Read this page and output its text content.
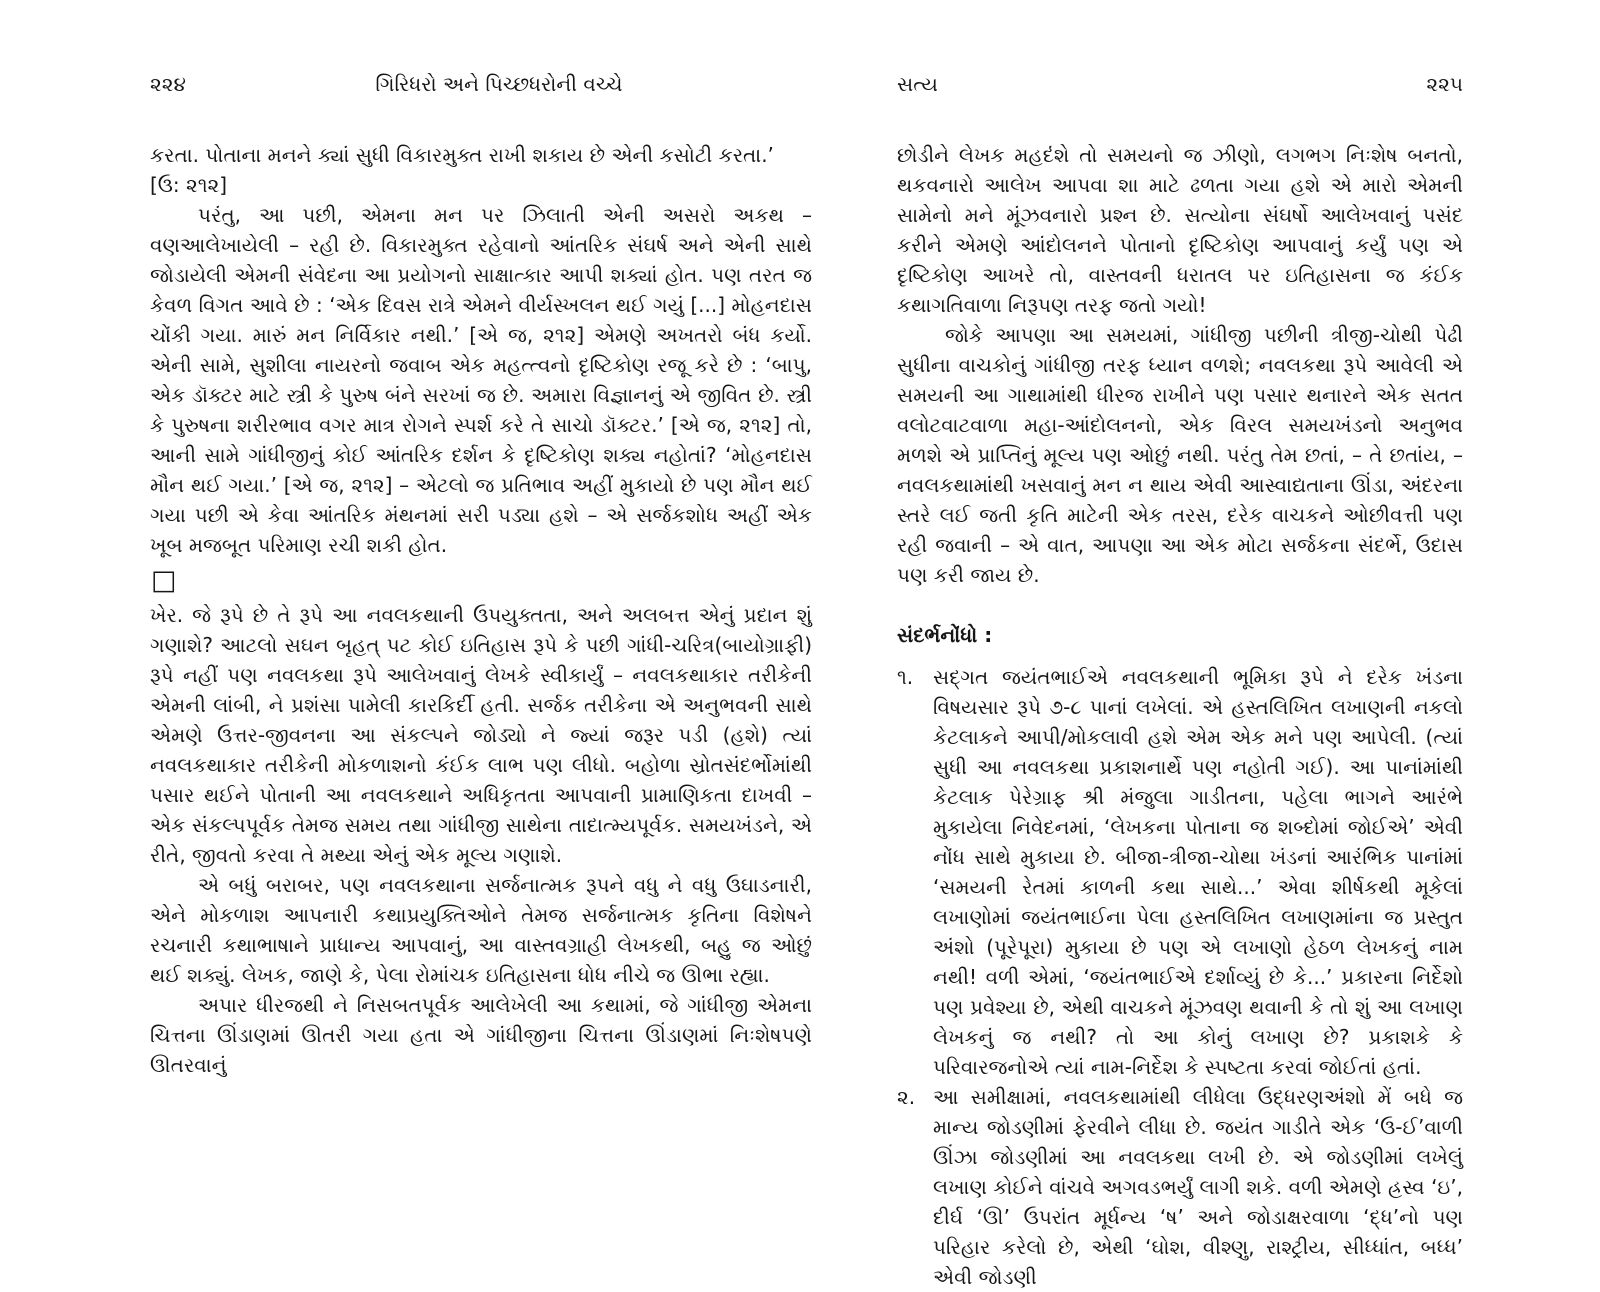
૨૨૪	ગિરિધરો અને પિચ્છધરોની વચ્ચે

કરતા. પોતાના મનને ક્યાં સુધી વિકારમુક્ત રાખી શકાય છે એની કસોટી કરતા.’

[ઉ: ૨૧૨]

પરંતુ, આ પછી, એમના મન પર ઝિલાતી એની અસરો અકથ – વણઆલેખાયેલી – રહી છે. વિકારમુક્ત રહેવાનો આંતરિક સંઘર્ષ અને એની સાથે જોડાયેલી એમની સંવેદના આ પ્રયોગનો સાક્ષાત્કાર આપી શક્યાં હોત. પણ તરત જ કેવળ વિગત આવે છે : ‘એક દિવસ રાત્રે એમને વીર્યસ્ખલન થઈ ગયું [...] મોહનદાસ ચોંકી ગયા. મારું મન નિર્વિકાર નથી.’ [એ જ, ૨૧૨] એમણે અખતરો બંધ કર્યો. એની સામે, સુશીલા નાયરનો જવાબ એક મહત્ત્વનો દૃષ્ટિકોણ રજૂ કરે છે : ‘બાપુ, એક ડૉક્ટર માટે સ્ત્રી કે પુરુષ બંને સરખાં જ છે. અમારા વિજ્ઞાનનું એ જીવિત છે. સ્ત્રી કે પુરુષના શરીરભાવ વગર માત્ર રોગને સ્પર્શ કરે તે સાચો ડૉક્ટર.’ [એ જ, ૨૧૨] તો, આની સામે ગાંધીજીનું કોઈ આંતરિક દર્શન કે દૃષ્ટિકોણ શક્ય નહોતાં? ‘મોહનદાસ મૌન થઈ ગયા.’ [એ જ, ૨૧૨] – એટલો જ પ્રતિભાવ અહીં મુકાયો છે પણ મૌન થઈ ગયા પછી એ કેવા આંતરિક મંથનમાં સરી પડ્યા હશે – એ સર્જકશોધ અહીં એક ખૂબ મજબૂત પરિમાણ રચી શકી હોત.

□

ખેર. જે રૂપે છે તે રૂપે આ નવલકથાની ઉપયુક્તતા, અને અલબત્ત એનું પ્રદાન શું ગણાશે? આટલો સઘન બૃહત્ પટ કોઈ ઇતિહાસ રૂપે કે પછી ગાંધી-ચરિત્ર(બાયોગ્રાફી) રૂપે નહીં પણ નવલકથા રૂપે આલેખવાનું લેખકે સ્વીકાર્યું – નવલકથાકાર તરીકેની એમની લાંબી, ને પ્રશંસા પામેલી કારકિર્દી હતી. સર્જક તરીકેના એ અનુભવની સાથે એમણે ઉત્તર-જીવનના આ સંકલ્પને જોડ્યો ને જ્યાં જરૂર પડી (હશે) ત્યાં નવલકથાકાર તરીકેની મોકળાશનો કંઈક લાભ પણ લીધો. બહોળા સ્રોતસંદર્ભોમાંથી પસાર થઈને પોતાની આ નવલકથાને અધિકૃતતા આપવાની પ્રામાણિકતા દાખવી – એક સંકલ્પપૂર્વક તેમજ સમય તથા ગાંધીજી સાથેના તાદાત્મ્યપૂર્વક. સમયખંડને, એ રીતે, જીવતો કરવા તે મથ્યા એનું એક મૂલ્ય ગણાશે.

એ બધું બરાબર, પણ નવલકથાના સર્જનાત્મક રૂપને વધુ ને વધુ ઉઘાડનારી, એને મોકળાશ આપનારી કથાપ્રયુક્તિઓને તેમજ સર્જનાત્મક કૃતિના વિશેષને રચનારી કથાભાષાને પ્રાધાન્ય આપવાનું, આ વાસ્તવગ્રાહી લેખકથી, બહુ જ ઓછું થઈ શક્યું. લેખક, જાણે કે, પેલા રોમાંચક ઇતિહાસના ધોધ નીચે જ ઊભા રહ્યા.

અપાર ધીરજથી ને નિસબતપૂર્વક આલેખેલી આ કથામાં, જે ગાંધીજી એમના ચિત્તના ઊંડાણમાં ઊતરી ગયા હતા એ ગાંધીજીના ચિત્તના ઊંડાણમાં નિઃશેષપણે ઊતરવાનું

સત્ય	૨૨૫

છોડીને લેખક મહદંશે તો સમયનો જ ઝીણો, લગભગ નિઃશેષ બનતો, થકવનારો આલેખ આપવા શા માટે ઢળતા ગયા હશે એ મારો એમની સામેનો મને મૂંઝવનારો પ્રશ્ન છે. સત્યોના સંઘર્ષો આલેખવાનું પસંદ કરીને એમણે આંદોલનને પોતાનો દૃષ્ટિકોણ આપવાનું કર્યું પણ એ દૃષ્ટિકોણ આખરે તો, વાસ્તવની ધરાતલ પર ઇતિહાસના જ કંઈક કથાગતિવાળા નિરૂપણ તરફ જતો ગયો!

જોકે આપણા આ સમયમાં, ગાંધીજી પછીની ત્રીજી-ચોથી પેઢી સુધીના વાચકોનું ગાંધીજી તરફ ધ્યાન વળશે; નવલકથા રૂપે આવેલી એ સમયની આ ગાથામાંથી ધીરજ રાખીને પણ પસાર થનારને એક સતત વલોટવાટવાળા મહા-આંદોલનનો, એક વિરલ સમયખંડનો અનુભવ મળશે એ પ્રાપ્તિનું મૂલ્ય પણ ઓછું નથી. પરંતુ તેમ છતાં, – તે છતાંય, – નવલકથામાંથી ખસવાનું મન ન થાય એવી આસ્વાદ્યતાના ઊંડા, અંદરના સ્તરે લઈ જતી કૃતિ માટેની એક તરસ, દરેક વાચકને ઓછીવત્તી પણ રહી જવાની – એ વાત, આપણા આ એક મોટા સર્જકના સંદર્ભે, ઉદાસ પણ કરી જાય છે.

સંદર્ભનોંધો :

૧. સદ્ગત જયંતભાઈએ નવલકથાની ભૂમિકા રૂપે ને દરેક ખંડના વિષયસાર રૂપે ૭-૮ પાનાં લખેલાં. એ હસ્તલિખિત લખાણની નકલો કેટલાકને આપી/મોકલાવી હશે એમ એક મને પણ આપેલી. (ત્યાં સુધી આ નવલકથા પ્રકાશનાર્થે પણ નહોતી ગઈ). આ પાનાંમાંથી કેટલાક પેરેગ્રાફ શ્રી મંજુલા ગાડીતના, પહેલા ભાગને આરંભે મુકાયેલા નિવેદનમાં, ‘લેખકના પોતાના જ શબ્દોમાં જોઈએ’ એવી નોંધ સાથે મુકાયા છે. બીજા-ત્રીજા-ચોથા ખંડનાં આરંભિક પાનાંમાં ‘સમયની રેતમાં કાળની કથા સાથે...’ એવા શીર્ષકથી મૂકેલાં લખાણોમાં જયંતભાઈના પેલા હસ્તલિખિત લખાણમાંના જ પ્રસ્તુત અંશો (પૂરેપૂરા) મુકાયા છે પણ એ લખાણો હેઠળ લેખકનું નામ નથી! વળી એમાં, ‘જયંતભાઈએ દર્શાવ્યું છે કે...’ પ્રકારના નિર્દેશો પણ પ્રવેશ્યા છે, એથી વાચકને મૂંઝવણ થવાની કે તો શું આ લખાણ લેખકનું જ નથી? તો આ કોનું લખાણ છે? પ્રકાશકે કે પરિવારજનોએ ત્યાં નામ-નિર્દેશ કે સ્પષ્ટતા કરવાં જોઈતાં હતાં.
૨. આ સમીક્ષામાં, નવલકથામાંથી લીધેલા ઉદ્ધરણઅંશો મેં બધે જ માન્ય જોડણીમાં ફેરવીને લીધા છે. જયંત ગાડીતે એક ‘ઉ-ઈ’વાળી ઊંઝા જોડણીમાં આ નવલકથા લખી છે. એ જોડણીમાં લખેલું લખાણ કોઈને વાંચવે અગવડભર્યું લાગી શકે. વળી એમણે હ્રસ્વ ‘ઇ’, દીર્ઘ ‘ઊ’ ઉપરાંત મૂર્ધન્ય ‘ષ’ અને જોડાક્ષરવાળા ‘દ્ધ’નો પણ પરિહાર કરેલો છે, એથી ‘ઘોશ, વીશ્ણુ, રાશ્ટ્રીય, સીધ્ધાંત, બધ્ધ’ એવી જોડણી
